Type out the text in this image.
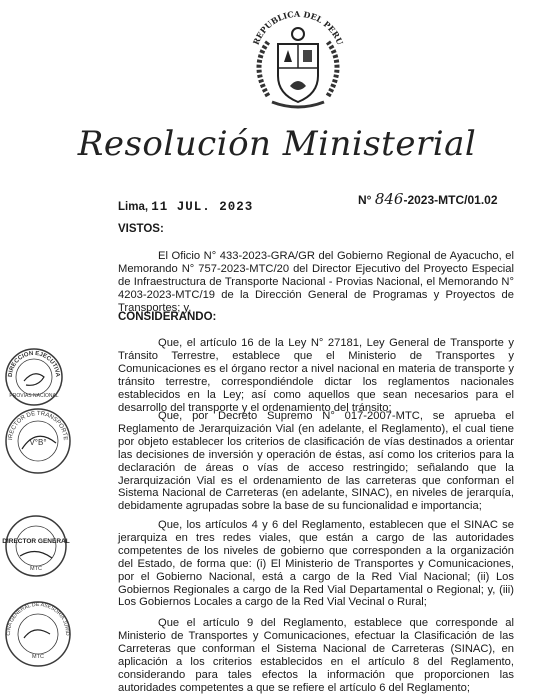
REPUBLICA DEL PERU
Resolución Ministerial
N° 846-2023-MTC/01.02
Lima, 11 JUL. 2023
VISTOS:
El Oficio N° 433-2023-GRA/GR del Gobierno Regional de Ayacucho, el Memorando N° 757-2023-MTC/20 del Director Ejecutivo del Proyecto Especial de Infraestructura de Transporte Nacional - Provias Nacional, el Memorando N° 4203-2023-MTC/19 de la Dirección General de Programas y Proyectos de Transportes; y,
CONSIDERANDO:
Que, el artículo 16 de la Ley N° 27181, Ley General de Transporte y Tránsito Terrestre, establece que el Ministerio de Transportes y Comunicaciones es el órgano rector a nivel nacional en materia de transporte y tránsito terrestre, correspondiéndole dictar los reglamentos nacionales establecidos en la Ley; así como aquellos que sean necesarios para el desarrollo del transporte y el ordenamiento del tránsito;
Que, por Decreto Supremo N° 017-2007-MTC, se aprueba el Reglamento de Jerarquización Vial (en adelante, el Reglamento), el cual tiene por objeto establecer los criterios de clasificación de vías destinados a orientar las decisiones de inversión y operación de éstas, así como los criterios para la declaración de áreas o vías de acceso restringido; señalando que la Jerarquización Vial es el ordenamiento de las carreteras que conforman el Sistema Nacional de Carreteras (en adelante, SINAC), en niveles de jerarquía, debidamente agrupadas sobre la base de su funcionalidad e importancia;
Que, los artículos 4 y 6 del Reglamento, establecen que el SINAC se jerarquiza en tres redes viales, que están a cargo de las autoridades competentes de los niveles de gobierno que corresponden a la organización del Estado, de forma que: (i) El Ministerio de Transportes y Comunicaciones, por el Gobierno Nacional, está a cargo de la Red Vial Nacional; (ii) Los Gobiernos Regionales a cargo de la Red Vial Departamental o Regional; y, (iii) Los Gobiernos Locales a cargo de la Red Vial Vecinal o Rural;
Que el artículo 9 del Reglamento, establece que corresponde al Ministerio de Transportes y Comunicaciones, efectuar la Clasificación de las Carreteras que conforman el Sistema Nacional de Carreteras (SINAC), en aplicación a los criterios establecidos en el artículo 8 del Reglamento, considerando para tales efectos la información que proporcionen las autoridades competentes a que se refiere el artículo 6 del Reglamento;
DIRECCION EJECUTIVA
PROVIAS NACIONAL
IRECTOR DE TRANSPORTE
V°B°
DIRECTOR GENERAL
MTC
CINA GENERAL DE ASESORIA JURID
MTC
